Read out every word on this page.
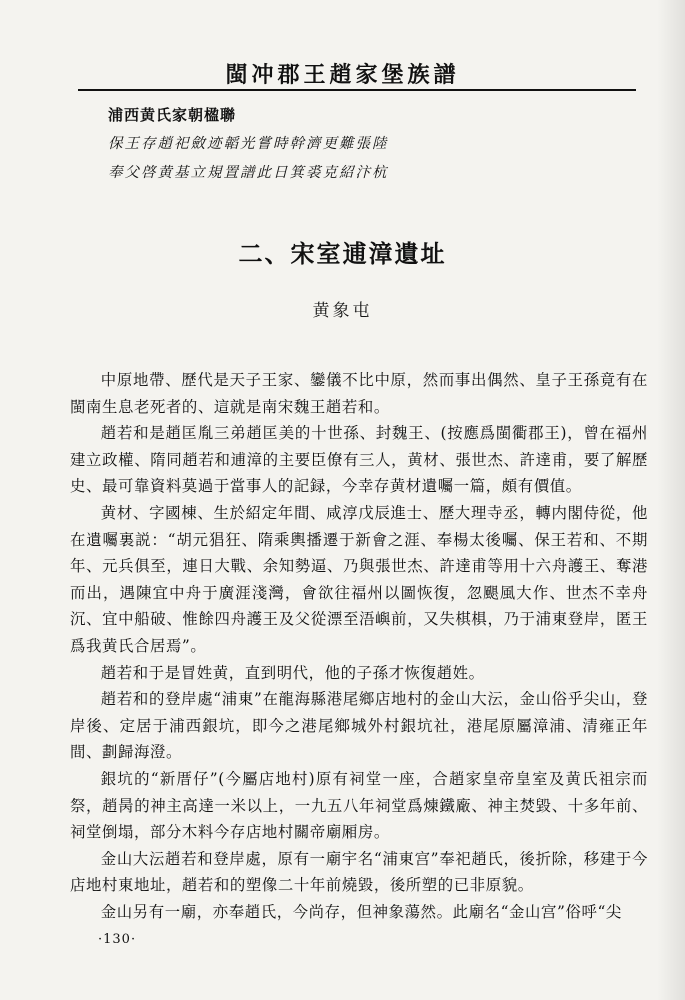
閩冲郡王趙家堡族譜
浦西黄氏家朝楹聯
保王存趙祀斂迹韜光嘗時幹濟更難張陸
奉父啓黄基立規置譜此日箕裘克紹汴杭
二、宋室逋漳遺址
黄象屯

中原地帶、歷代是天子王家、鑾儀不比中原，然而事出偶然、皇子王孫竟有在閩南生息老死者的、這就是南宋魏王趙若和。

趙若和是趙匡胤三弟趙匡美的十世孫、封魏王、(按應爲閩衢郡王)，曾在福州建立政權、隋同趙若和逋漳的主要臣僚有三人，黄材、張世杰、許達甫，要了解歷史、最可靠資料莫過于當事人的記録，今幸存黄材遺囑一篇，頗有價值。

黄材、字國棟、生於紹定年間、咸淳戊辰進士、歷大理寺丞，轉内閣侍從，他在遺囑裏説：“胡元猖狂、隋乘輿播遷于新會之涯、奉楊太後囑、保王若和、不期年、元兵俱至，連日大戰、余知勢逼、乃與張世杰、許達甫等用十六舟護王、奪港而出，遇陳宜中舟于廣涯淺灣，會欲往福州以圖恢復，忽颶風大作、世杰不幸舟沉、宜中船破、惟餘四舟護王及父從漂至浯嶼前，又失棋椇，乃于浦東登岸，匿王爲我黄氏合居焉”。

趙若和于是冒姓黄，直到明代，他的子孫才恢復趙姓。

趙若和的登岸處“浦東”在龍海縣港尾鄉店地村的金山大沄，金山俗乎尖山，登岸後、定居于浦西銀坑，即今之港尾鄉城外村銀坑社，港尾原屬漳浦、清雍正年間、劃歸海澄。

銀坑的“新厝仔”(今屬店地村)原有祠堂一座，合趙家皇帝皇室及黄氏祖宗而祭，趙昺的神主高達一米以上，一九五八年祠堂爲煉鐵廠、神主焚毀、十多年前、祠堂倒塌，部分木料今存店地村關帝廟厢房。

金山大沄趙若和登岸處，原有一廟宇名“浦東宫”奉祀趙氏，後折除，移建于今店地村東地址，趙若和的塑像二十年前燒毀，後所塑的已非原貌。

金山另有一廟，亦奉趙氏，今尚存，但神象蕩然。此廟名“金山宫”俗呼“尖

·130·
